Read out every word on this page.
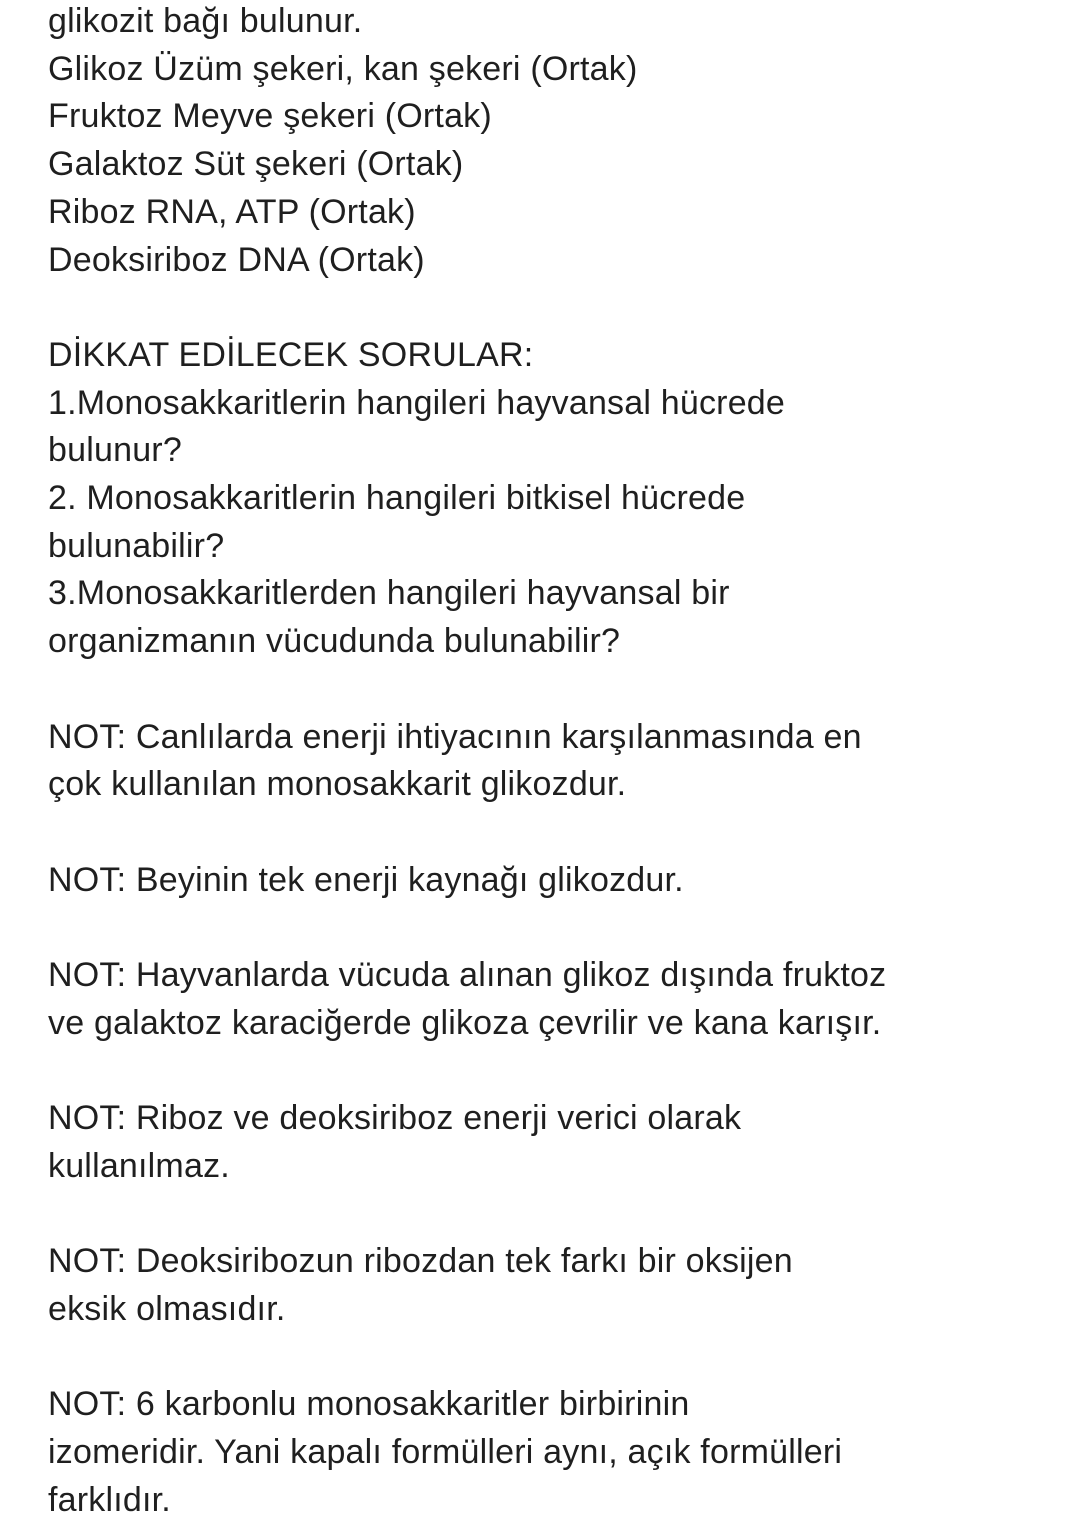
glikozit bağı bulunur.
Glikoz Üzüm şekeri, kan şekeri (Ortak)
Fruktoz Meyve şekeri (Ortak)
Galaktoz Süt şekeri (Ortak)
Riboz RNA, ATP (Ortak)
Deoksiriboz DNA (Ortak)
DİKKAT EDİLECEK SORULAR:
1.Monosakkaritlerin hangileri hayvansal hücrede
bulunur?
2. Monosakkaritlerin hangileri bitkisel hücrede
bulunabilir?
3.Monosakkaritlerden hangileri hayvansal bir
organizmanın vücudunda bulunabilir?
NOT: Canlılarda enerji ihtiyacının karşılanmasında en
çok kullanılan monosakkarit glikozdur.
NOT: Beyinin tek enerji kaynağı glikozdur.
NOT: Hayvanlarda vücuda alınan glikoz dışında fruktoz
ve galaktoz karaciğerde glikoza çevrilir ve kana karışır.
NOT: Riboz ve deoksiriboz enerji verici olarak
kullanılmaz.
NOT: Deoksiribozun ribozdan tek farkı bir oksijen
eksik olmasıdır.
NOT: 6 karbonlu monosakkaritler birbirinin
izomeridir. Yani kapalı formülleri aynı, açık formülleri
farklıdır.
